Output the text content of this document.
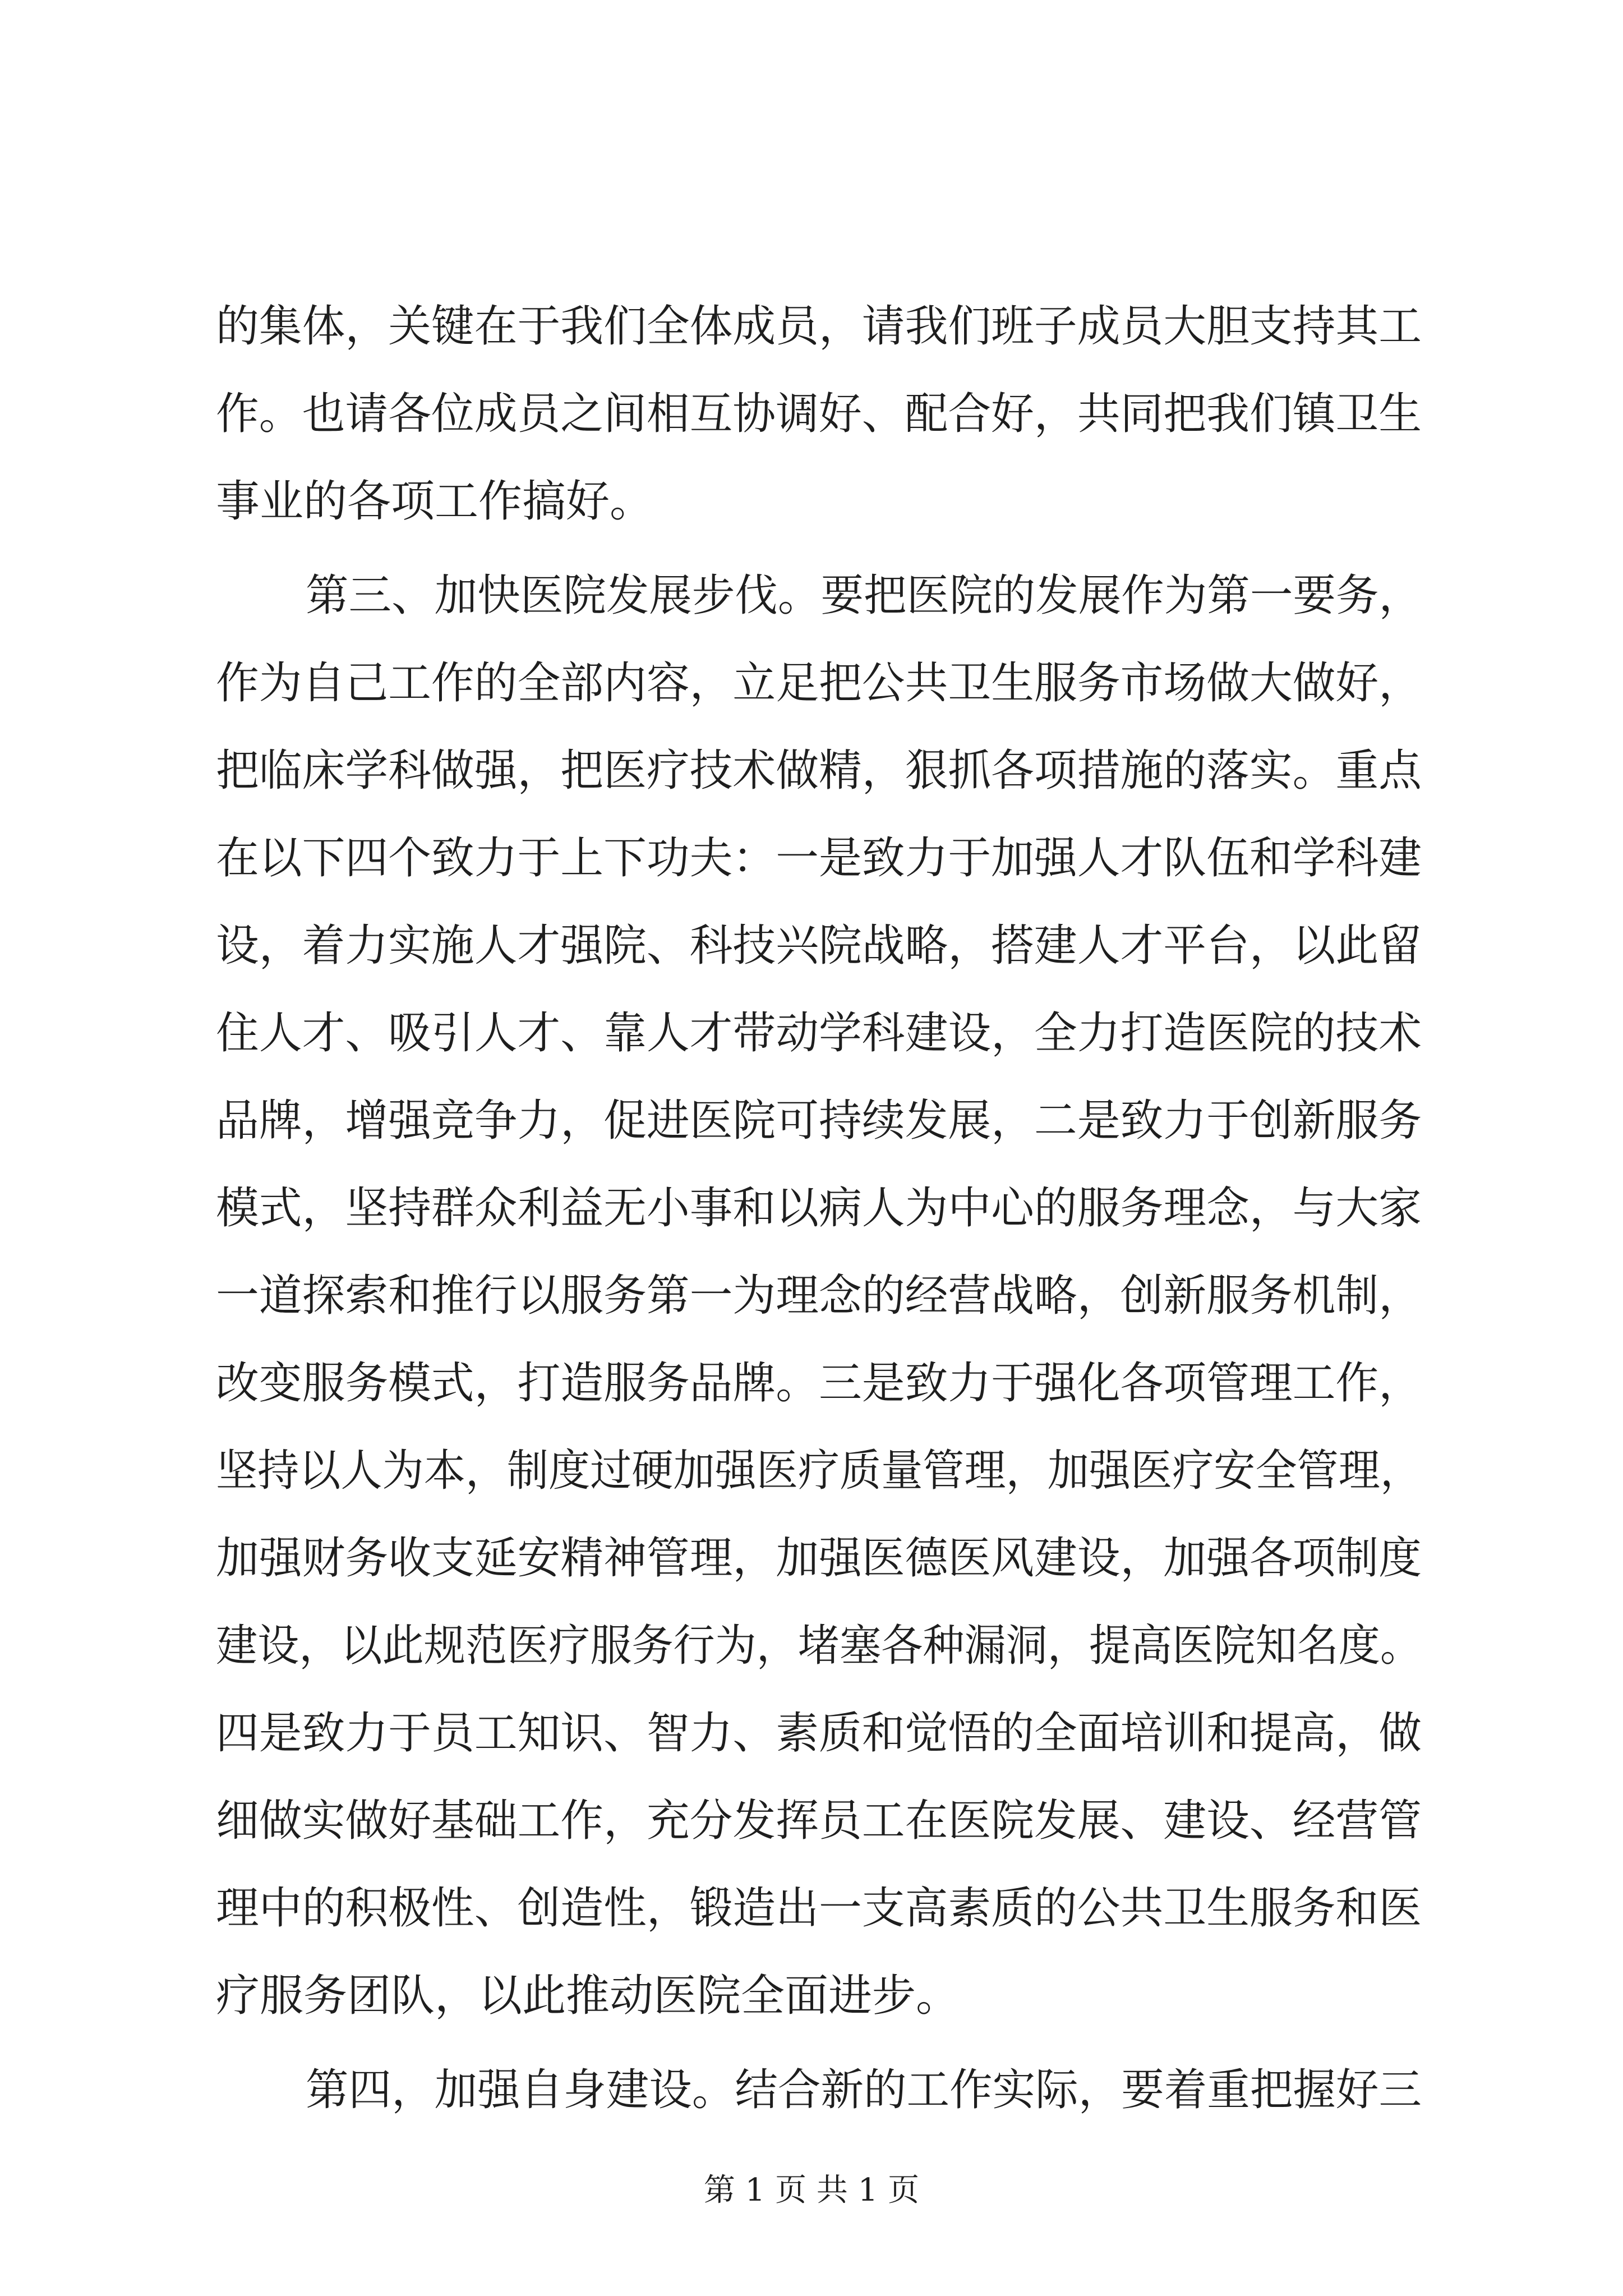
的集体，关键在于我们全体成员，请我们班子成员大胆支持其工
作。也请各位成员之间相互协调好、配合好，共同把我们镇卫生
事业的各项工作搞好。
第三、加快医院发展步伐。要把医院的发展作为第一要务，
作为自己工作的全部内容，立足把公共卫生服务市场做大做好，
把临床学科做强，把医疗技术做精，狠抓各项措施的落实。重点
在以下四个致力于上下功夫：一是致力于加强人才队伍和学科建
设，着力实施人才强院、科技兴院战略，搭建人才平台，以此留
住人才、吸引人才、靠人才带动学科建设，全力打造医院的技术
品牌，增强竞争力，促进医院可持续发展，二是致力于创新服务
模式，坚持群众利益无小事和以病人为中心的服务理念，与大家
一道探索和推行以服务第一为理念的经营战略，创新服务机制，
改变服务模式，打造服务品牌。三是致力于强化各项管理工作，
坚持以人为本，制度过硬加强医疗质量管理，加强医疗安全管理，
加强财务收支延安精神管理，加强医德医风建设，加强各项制度
建设，以此规范医疗服务行为，堵塞各种漏洞，提高医院知名度。
四是致力于员工知识、智力、素质和觉悟的全面培训和提高，做
细做实做好基础工作，充分发挥员工在医院发展、建设、经营管
理中的积极性、创造性，锻造出一支高素质的公共卫生服务和医
疗服务团队，以此推动医院全面进步。
第四，加强自身建设。结合新的工作实际，要着重把握好三
第 1 页 共 1 页
